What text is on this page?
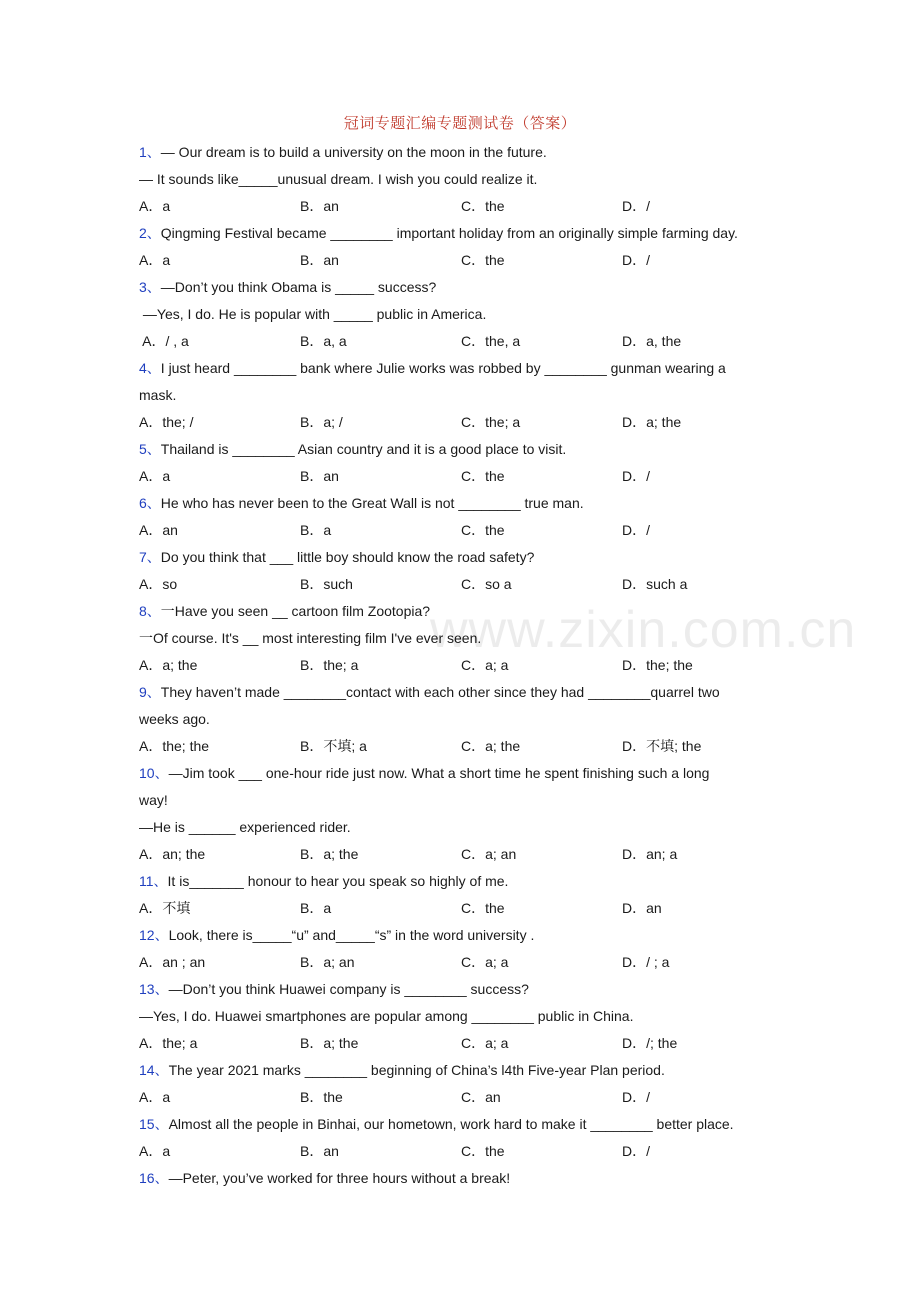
冠词专题汇编专题测试卷（答案）
1、— Our dream is to build a university on the moon in the future.
— It sounds like_____unusual dream. I wish you could realize it.
A．a	B．an	C．the	D．/
2、Qingming Festival became ________ important holiday from an originally simple farming day.
A．a	B．an	C．the	D．/
3、—Don’t you think Obama is _____ success?
—Yes, I do. He is popular with _____ public in America.
A．/ , a	B．a, a	C．the, a	D．a, the
4、I just heard ________ bank where Julie works was robbed by ________ gunman wearing a
mask.
A．the; /	B．a; /	C．the; a	D．a; the
5、Thailand is ________ Asian country and it is a good place to visit.
A．a	B．an	C．the	D．/
6、He who has never been to the Great Wall is not ________ true man.
A．an	B．a	C．the	D．/
7、Do you think that ___ little boy should know the road safety?
A．so	B．such	C．so a	D．such a
8、一Have you seen __ cartoon film Zootopia?
一Of course. It's __ most interesting film I've ever seen.
A．a; the	B．the; a	C．a; a	D．the; the
9、They haven’t made ________contact with each other since they had ________quarrel two
weeks ago.
A．the; the	B．不填; a	C．a; the	D．不填; the
10、—Jim took ___ one-hour ride just now. What a short time he spent finishing such a long
way!
—He is ______ experienced rider.
A．an; the	B．a; the	C．a; an	D．an; a
11、It is_______ honour to hear you speak so highly of me.
A．不填	B．a	C．the	D．an
12、Look, there is_____“u” and_____“s” in the word university .
A．an ; an	B．a; an	C．a; a	D．/ ; a
13、—Don’t you think Huawei company is ________ success?
—Yes, I do. Huawei smartphones are popular among ________ public in China.
A．the; a	B．a; the	C．a; a	D．/; the
14、The year 2021 marks ________ beginning of China’s l4th Five-year Plan period.
A．a	B．the	C．an	D．/
15、Almost all the people in Binhai, our hometown, work hard to make it ________ better place.
A．a	B．an	C．the	D．/
16、—Peter, you’ve worked for three hours without a break!
www.zixin.com.cn
